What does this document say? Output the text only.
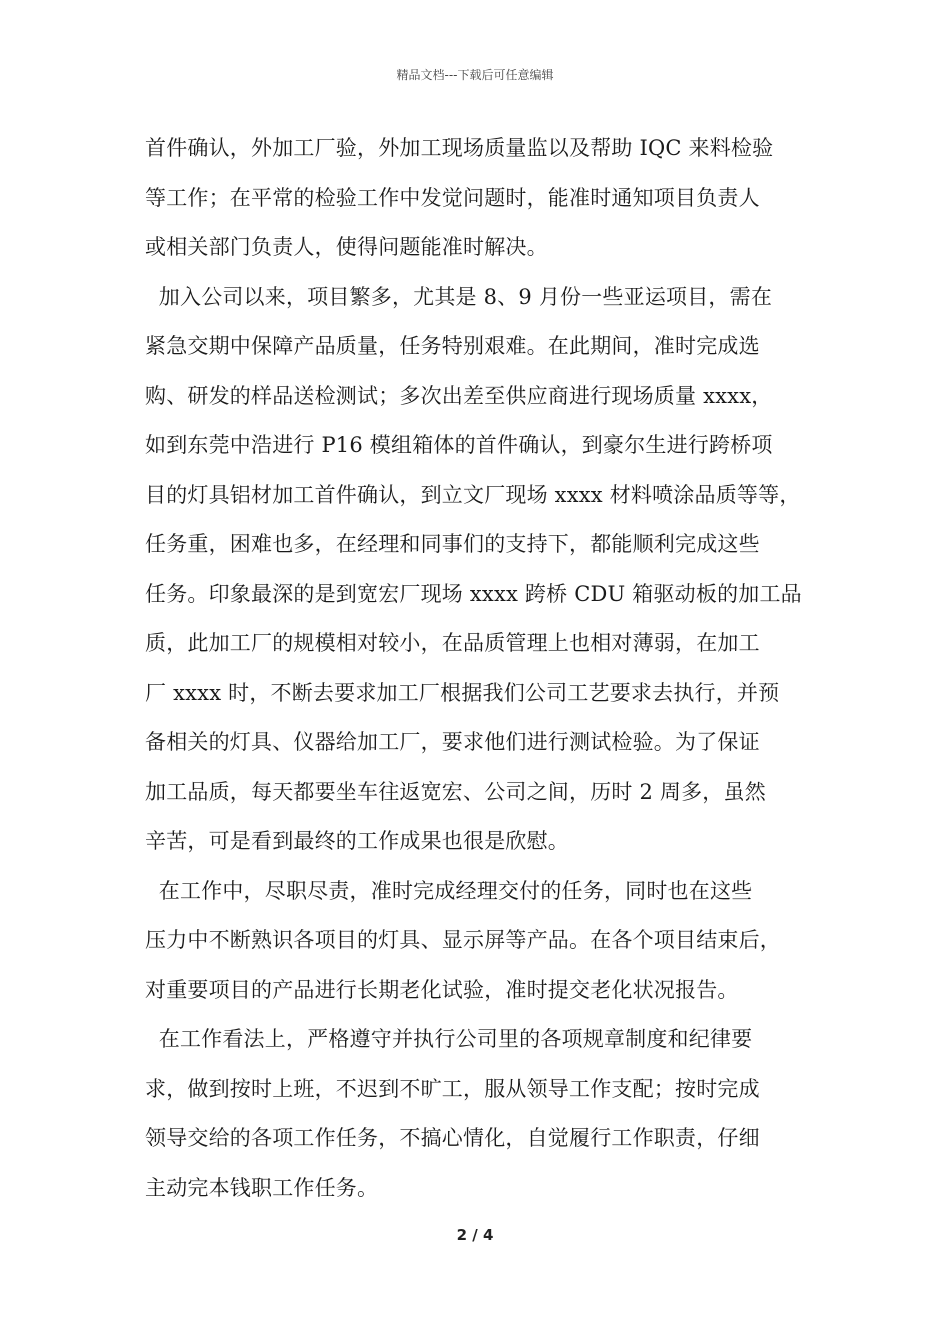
精品文档---下载后可任意编辑

首件确认，外加工厂验，外加工现场质量监以及帮助 IQC 来料检验
等工作；在平常的检验工作中发觉问题时，能准时通知项目负责人
或相关部门负责人，使得问题能准时解决。

加入公司以来，项目繁多，尤其是 8、9 月份一些亚运项目，需在
紧急交期中保障产品质量，任务特别艰难。在此期间，准时完成选
购、研发的样品送检测试；多次出差至供应商进行现场质量 xxxx，
如到东莞中浩进行 P16 模组箱体的首件确认，到豪尔生进行跨桥项
目的灯具铝材加工首件确认，到立文厂现场 xxxx 材料喷涂品质等等，
任务重，困难也多，在经理和同事们的支持下，都能顺利完成这些
任务。印象最深的是到宽宏厂现场 xxxx 跨桥 CDU 箱驱动板的加工品
质，此加工厂的规模相对较小，在品质管理上也相对薄弱，在加工
厂 xxxx 时，不断去要求加工厂根据我们公司工艺要求去执行，并预
备相关的灯具、仪器给加工厂，要求他们进行测试检验。为了保证
加工品质，每天都要坐车往返宽宏、公司之间，历时 2 周多，虽然
辛苦，可是看到最终的工作成果也很是欣慰。

在工作中，尽职尽责，准时完成经理交付的任务，同时也在这些
压力中不断熟识各项目的灯具、显示屏等产品。在各个项目结束后，
对重要项目的产品进行长期老化试验，准时提交老化状况报告。

在工作看法上，严格遵守并执行公司里的各项规章制度和纪律要
求，做到按时上班，不迟到不旷工，服从领导工作支配；按时完成
领导交给的各项工作任务，不搞心情化，自觉履行工作职责，仔细
主动完本钱职工作任务。

2 / 4
